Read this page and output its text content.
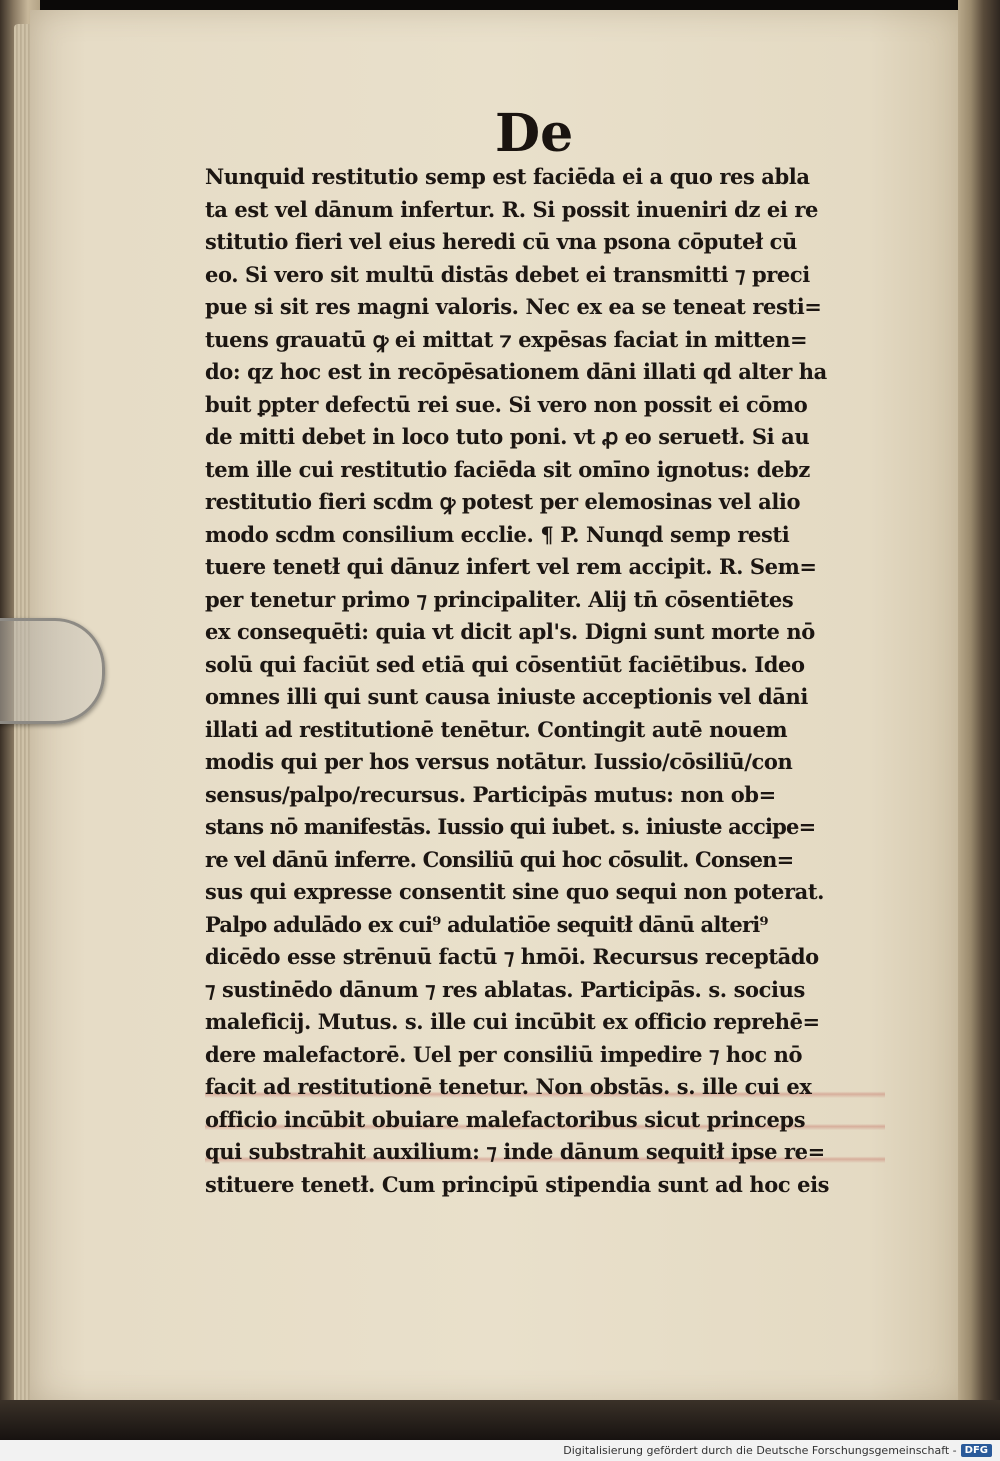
De
Nunquid restitutio semp est faciēda ei a quo res abla
ta est vel dānum infertur. R. Si possit inueniri dz ei re
stitutio fieri vel eius heredi cū vna psona cōputeł cū
eo. Si vero sit multū distās debet ei transmitti ⁊ preci
pue si sit res magni valoris. Nec ex ea se teneat resti=
tuens grauatū ꝙ ei mittat ⁊ expēsas faciat in mitten=
do: qz hoc est in recōpēsationem dāni illati qd alter ha
buit ꝑpter defectū rei sue. Si vero non possit ei cōmo
de mitti debet in loco tuto poni. vt ꝓ eo seruetł. Si au
tem ille cui restitutio faciēda sit omīno ignotus: debz
restitutio fieri scdm ꝙ potest per elemosinas vel alio
modo scdm consilium ecclie. ¶ P. Nunqd semp resti
tuere tenetł qui dānuz infert vel rem accipit. R. Sem=
per tenetur primo ⁊ principaliter. Alij tn̄ cōsentiētes
ex consequēti: quia vt dicit apl's. Digni sunt morte nō
solū qui faciūt sed etiā qui cōsentiūt faciētibus. Ideo
omnes illi qui sunt causa iniuste acceptionis vel dāni
illati ad restitutionē tenētur. Contingit autē nouem
modis qui per hos versus notātur. Iussio/cōsiliū/con
sensus/palpo/recursus. Participās mutus: non ob=
stans nō manifestās. Iussio qui iubet. s. iniuste accipe=
re vel dānū inferre. Consiliū qui hoc cōsulit. Consen=
sus qui expresse consentit sine quo sequi non poterat.
Palpo adulādo ex cui⁹ adulatiōe sequitł dānū alteri⁹
dicēdo esse strēnuū factū ⁊ hmōi. Recursus receptādo
⁊ sustinēdo dānum ⁊ res ablatas. Participās. s. socius
maleficij. Mutus. s. ille cui incūbit ex officio reprehē=
dere malefactorē. Uel per consiliū impedire ⁊ hoc nō
facit ad restitutionē tenetur. Non obstās. s. ille cui ex
officio incūbit obuiare malefactoribus sicut princeps
qui substrahit auxilium: ⁊ inde dānum sequitł ipse re=
stituere tenetł. Cum principū stipendia sunt ad hoc eis
Digitalisierung gefördert durch die Deutsche Forschungsgemeinschaft - DFG
